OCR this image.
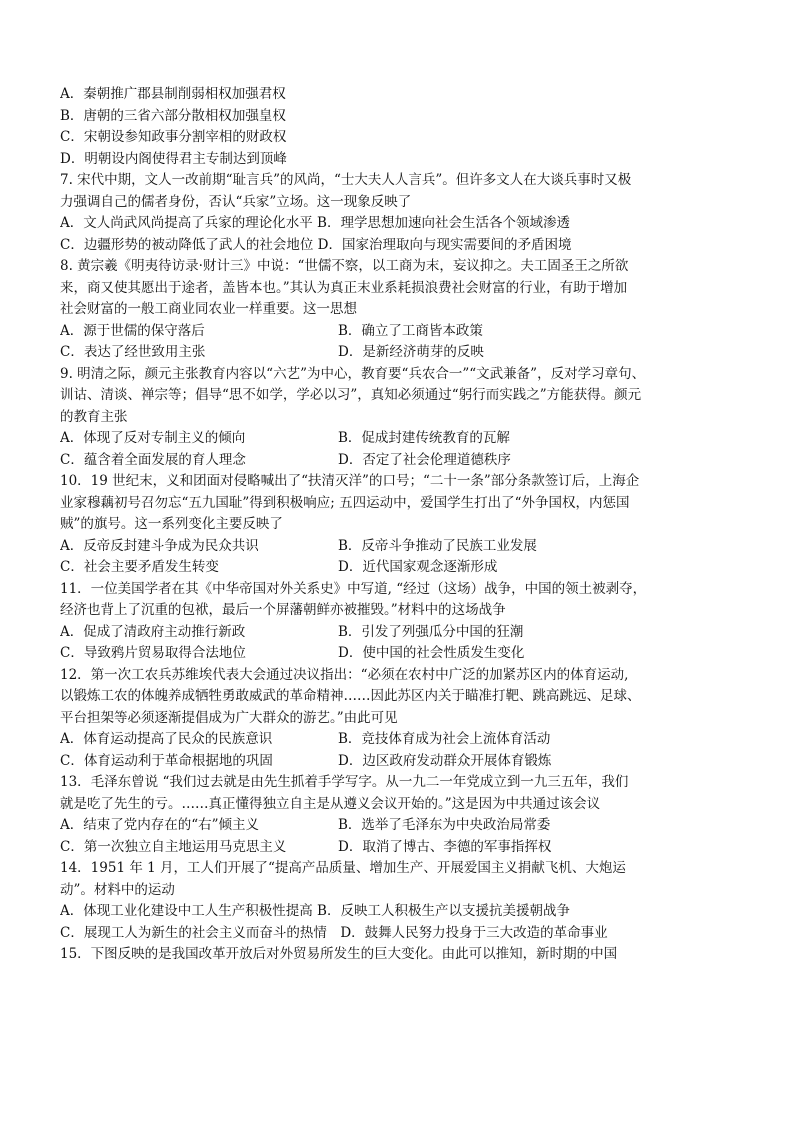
A．秦朝推广郡县制削弱相权加强君权
B．唐朝的三省六部分散相权加强皇权
C．宋朝设参知政事分割宰相的财政权
D．明朝设内阁使得君主专制达到顶峰
7. 宋代中期，文人一改前期“耻言兵”的风尚，“士大夫人人言兵”。但许多文人在大谈兵事时又极
力强调自己的儒者身份，否认“兵家”立场。这一现象反映了
A．文人尚武风尚提高了兵家的理论化水平 B．理学思想加速向社会生活各个领域渗透
C．边疆形势的被动降低了武人的社会地位 D．国家治理取向与现实需要间的矛盾困境
8. 黄宗羲《明夷待访录·财计三》中说：“世儒不察，以工商为末，妄议抑之。夫工固圣王之所欲
来，商又使其愿出于途者，盖皆本也。”其认为真正末业系耗损浪费社会财富的行业，有助于增加
社会财富的一般工商业同农业一样重要。这一思想
A．源于世儒的保守落后	B．确立了工商皆本政策
C．表达了经世致用主张	D．是新经济萌芽的反映
9. 明清之际，颜元主张教育内容以“六艺”为中心，教育要“兵农合一”“文武兼备”，反对学习章句、
训诂、清谈、禅宗等；倡导“思不如学，学必以习”，真知必须通过“躬行而实践之”方能获得。颜元
的教育主张
A．体现了反对专制主义的倾向	B．促成封建传统教育的瓦解
C．蕴含着全面发展的育人理念	D．否定了社会伦理道德秩序
10．19 世纪末，义和团面对侵略喊出了“扶清灭洋”的口号；“二十一条”部分条款签订后，上海企
业家穆藕初号召勿忘“五九国耻”得到积极响应; 五四运动中，爱国学生打出了“外争国权，内惩国
贼”的旗号。这一系列变化主要反映了
A．反帝反封建斗争成为民众共识	B．反帝斗争推动了民族工业发展
C．社会主要矛盾发生转变	D．近代国家观念逐渐形成
11．一位美国学者在其《中华帝国对外关系史》中写道, “经过（这场）战争，中国的领土被剥夺，
经济也背上了沉重的包袱，最后一个屏藩朝鲜亦被摧毁。”材料中的这场战争
A．促成了清政府主动推行新政	B．引发了列强瓜分中国的狂潮
C．导致鸦片贸易取得合法地位	D．使中国的社会性质发生变化
12．第一次工农兵苏维埃代表大会通过决议指出：“必须在农村中广泛的加紧苏区内的体育运动,
以锻炼工农的体魄养成牺牲勇敢威武的革命精神……因此苏区内关于瞄准打靶、跳高跳远、足球、
平台担架等必须逐渐提倡成为广大群众的游艺。”由此可见
A．体育运动提高了民众的民族意识	B．竞技体育成为社会上流体育活动
C．体育运动利于革命根据地的巩固	D．边区政府发动群众开展体育锻炼
13．毛泽东曾说 “我们过去就是由先生抓着手学写字。从一九二一年党成立到一九三五年，我们
就是吃了先生的亏。……真正懂得独立自主是从遵义会议开始的。”这是因为中共通过该会议
A．结束了党内存在的“右”倾主义	B．选举了毛泽东为中央政治局常委
C．第一次独立自主地运用马克思主义	D．取消了博古、李德的军事指挥权
14．1951 年 1 月，工人们开展了“提高产品质量、增加生产、开展爱国主义捐献飞机、大炮运
动”。材料中的运动
A．体现工业化建设中工人生产积极性提高 B．反映工人积极生产以支援抗美援朝战争
C．展现工人为新生的社会主义而奋斗的热情　D．鼓舞人民努力投身于三大改造的革命事业
15．下图反映的是我国改革开放后对外贸易所发生的巨大变化。由此可以推知，新时期的中国
